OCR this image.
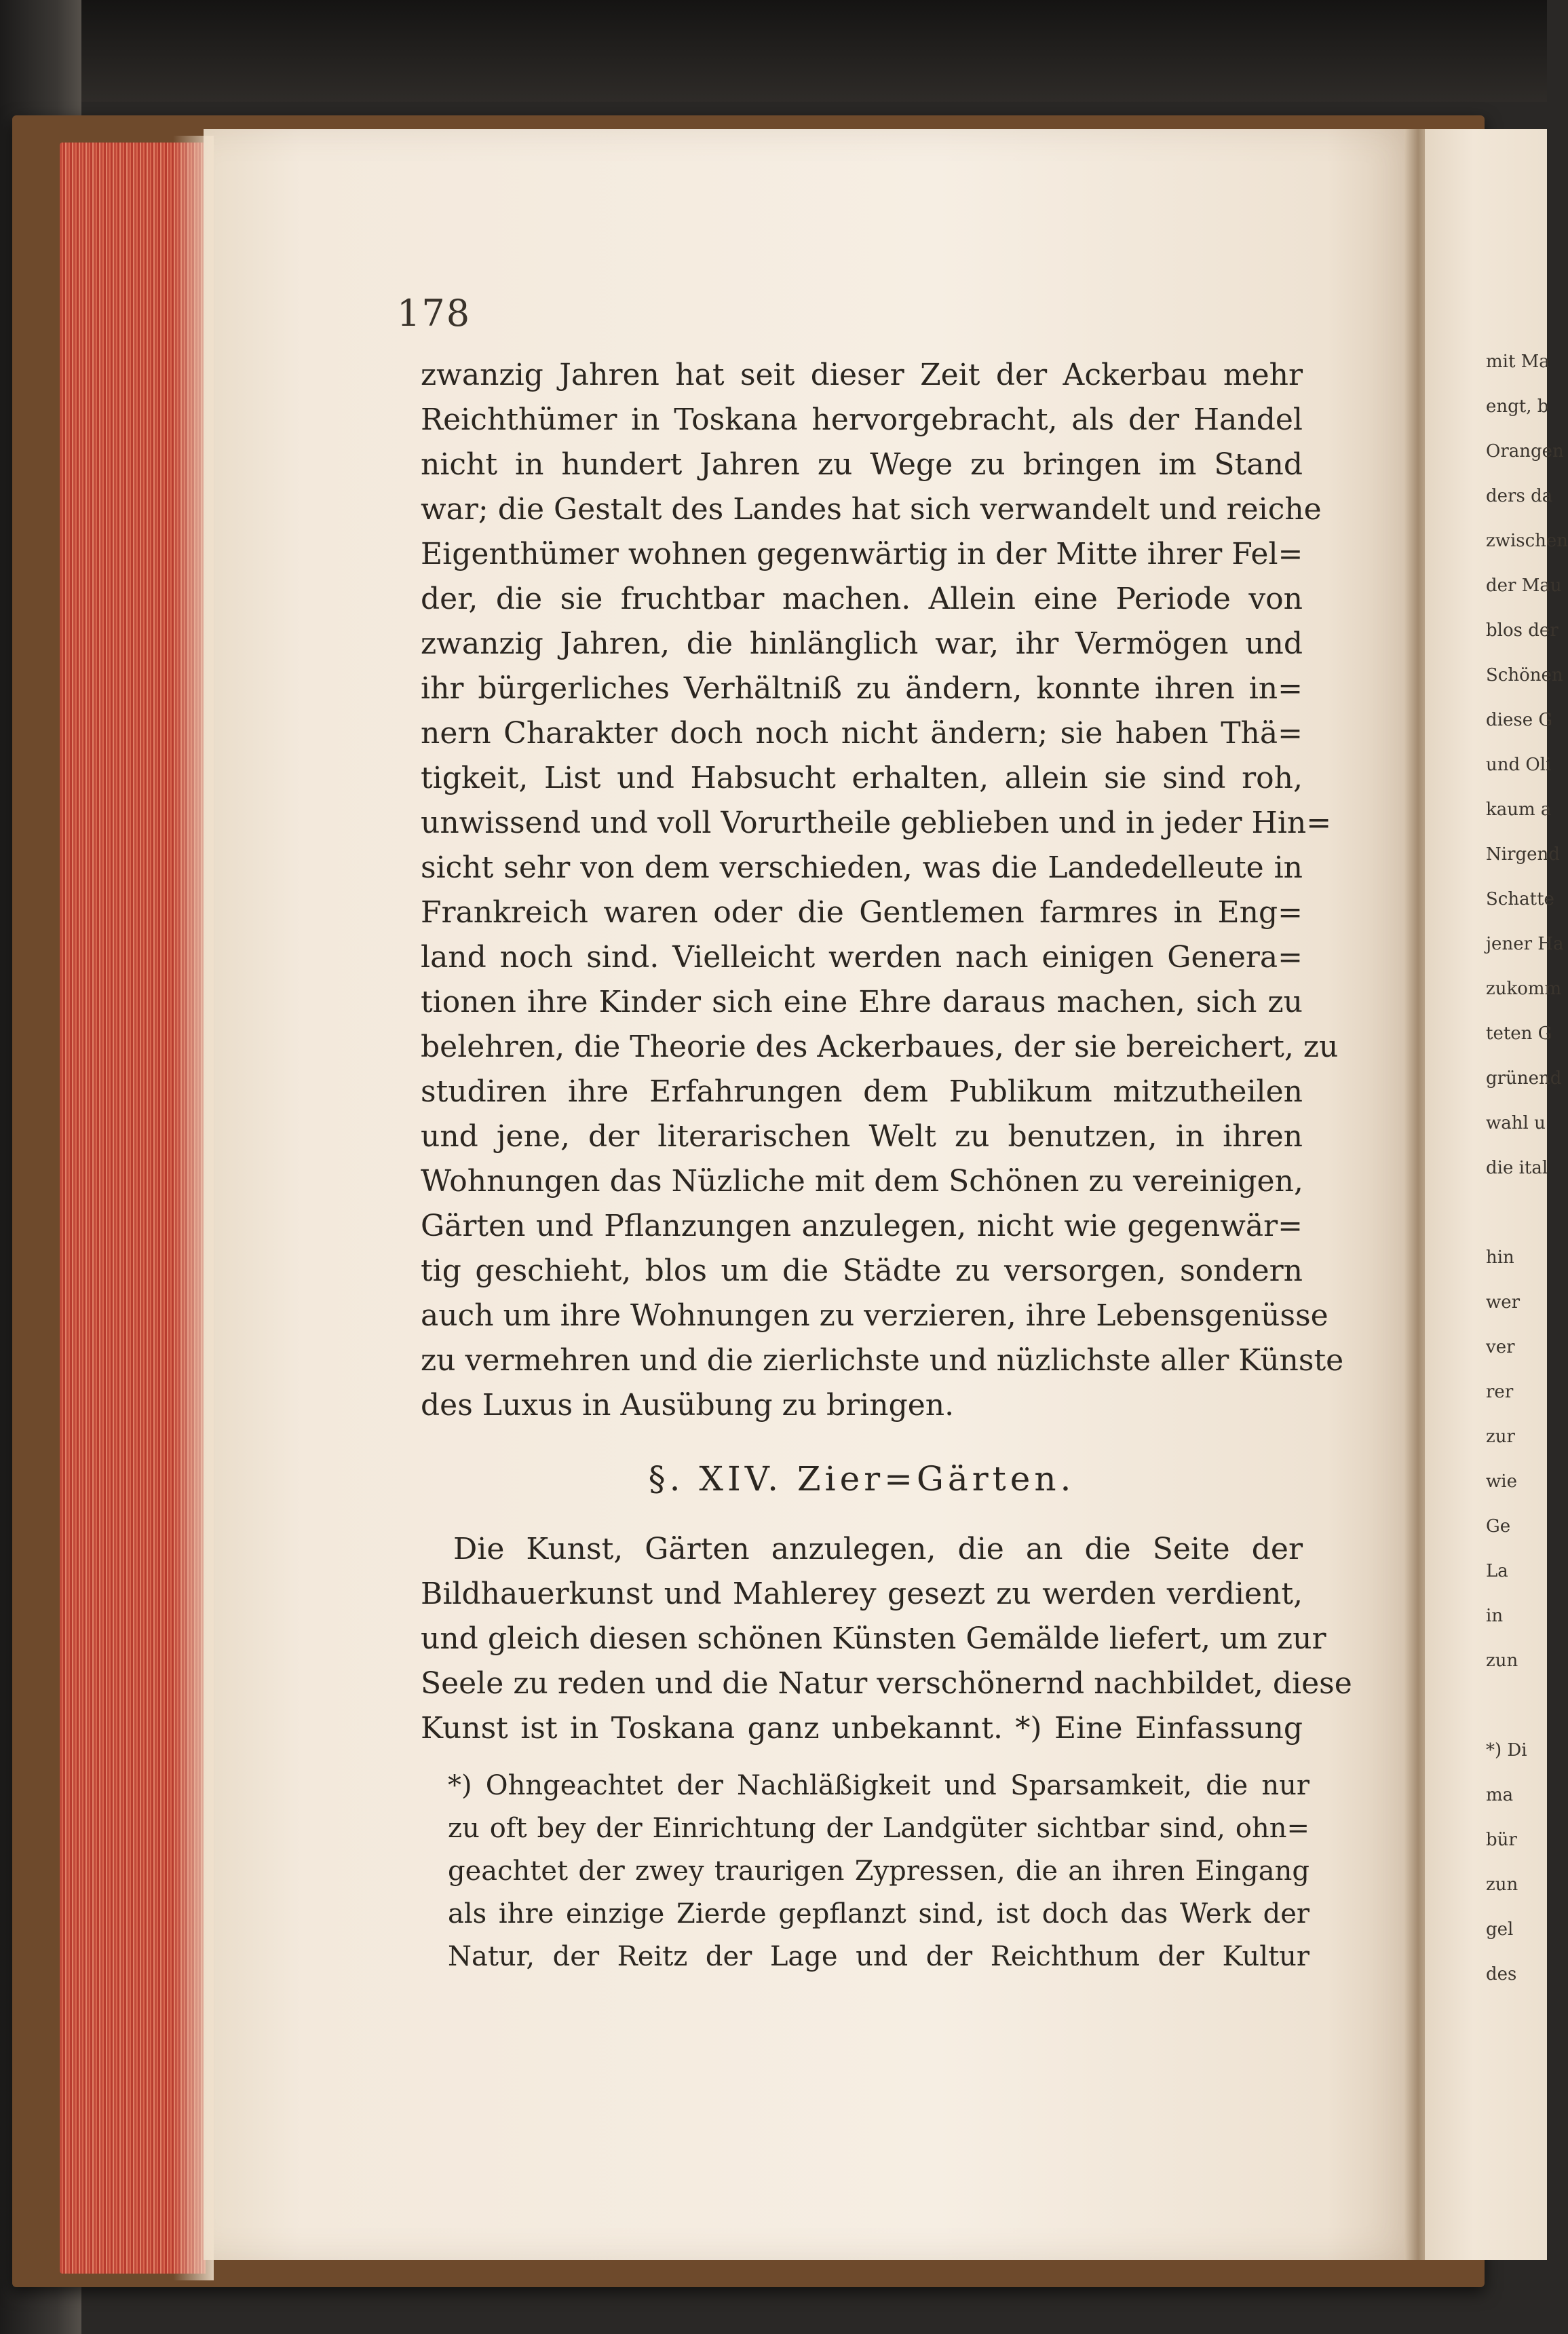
178
zwanzig Jahren hat seit dieser Zeit der Ackerbau mehr
Reichthümer in Toskana hervorgebracht, als der Handel
nicht in hundert Jahren zu Wege zu bringen im Stand
war; die Gestalt des Landes hat sich verwandelt und reiche
Eigenthümer wohnen gegenwärtig in der Mitte ihrer Fel=
der, die sie fruchtbar machen. Allein eine Periode von
zwanzig Jahren, die hinlänglich war, ihr Vermögen und
ihr bürgerliches Verhältniß zu ändern, konnte ihren in=
nern Charakter doch noch nicht ändern; sie haben Thä=
tigkeit, List und Habsucht erhalten, allein sie sind roh,
unwissend und voll Vorurtheile geblieben und in jeder Hin=
sicht sehr von dem verschieden, was die Landedelleute in
Frankreich waren oder die Gentlemen farmres in Eng=
land noch sind. Vielleicht werden nach einigen Genera=
tionen ihre Kinder sich eine Ehre daraus machen, sich zu
belehren, die Theorie des Ackerbaues, der sie bereichert, zu
studiren ihre Erfahrungen dem Publikum mitzutheilen
und jene, der literarischen Welt zu benutzen, in ihren
Wohnungen das Nüzliche mit dem Schönen zu vereinigen,
Gärten und Pflanzungen anzulegen, nicht wie gegenwär=
tig geschieht, blos um die Städte zu versorgen, sondern
auch um ihre Wohnungen zu verzieren, ihre Lebensgenüsse
zu vermehren und die zierlichste und nüzlichste aller Künste
des Luxus in Ausübung zu bringen.
§. XIV. Zier=Gärten.
Die Kunst, Gärten anzulegen, die an die Seite der
Bildhauerkunst und Mahlerey gesezt zu werden verdient,
und gleich diesen schönen Künsten Gemälde liefert, um zur
Seele zu reden und die Natur verschönernd nachbildet, diese
Kunst ist in Toskana ganz unbekannt. *) Eine Einfassung
*) Ohngeachtet der Nachläßigkeit und Sparsamkeit, die nur
zu oft bey der Einrichtung der Landgüter sichtbar sind, ohn=
geachtet der zwey traurigen Zypressen, die an ihren Eingang
als ihre einzige Zierde gepflanzt sind, ist doch das Werk der
Natur, der Reitz der Lage und der Reichthum der Kultur
mit Ma
engt, b
Orangen
ders da
zwischen
der Mau
blos der
Schönen
diese G
und Oli
kaum a
Nirgend
Schatte
jener Ha
zukomm
teten G
grünend
wahl u
die ital
hin
wer
ver
rer
zur
wie
Ge
La
in
zun
*) Di
ma
bür
zun
gel
des
